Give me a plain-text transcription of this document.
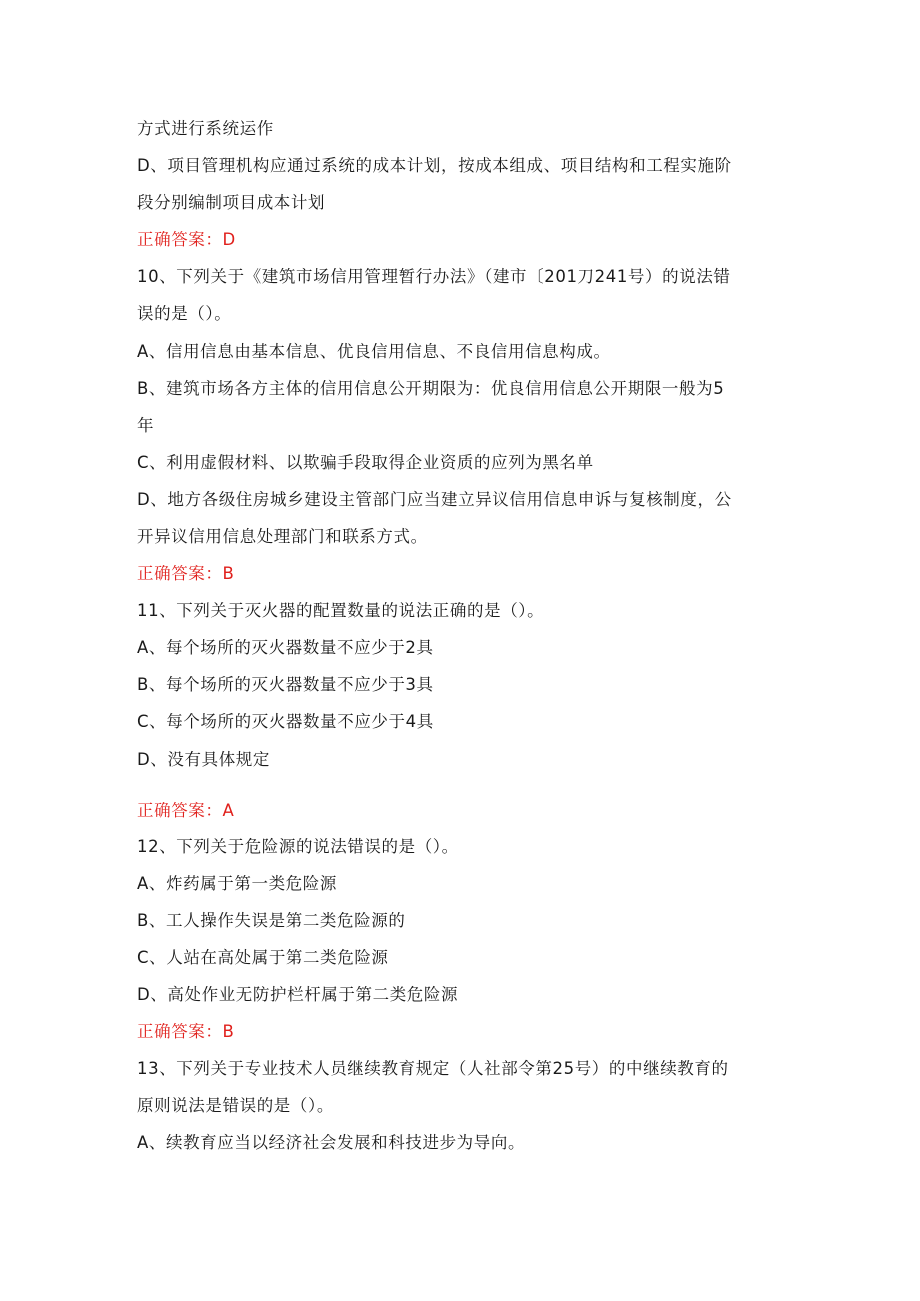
方式进行系统运作
D、项目管理机构应通过系统的成本计划，按成本组成、项目结构和工程实施阶
段分别编制项目成本计划
正确答案：D
10、下列关于《建筑市场信用管理暂行办法》（建市〔201刀241号）的说法错
误的是（）。
A、信用信息由基本信息、优良信用信息、不良信用信息构成。
B、建筑市场各方主体的信用信息公开期限为：优良信用信息公开期限一般为5
年
C、利用虚假材料、以欺骗手段取得企业资质的应列为黑名单
D、地方各级住房城乡建设主管部门应当建立异议信用信息申诉与复核制度，公
开异议信用信息处理部门和联系方式。
正确答案：B
11、下列关于灭火器的配置数量的说法正确的是（）。
A、每个场所的灭火器数量不应少于2具
B、每个场所的灭火器数量不应少于3具
C、每个场所的灭火器数量不应少于4具
D、没有具体规定
正确答案：A
12、下列关于危险源的说法错误的是（）。
A、炸药属于第一类危险源
B、工人操作失误是第二类危险源的
C、人站在高处属于第二类危险源
D、高处作业无防护栏杆属于第二类危险源
正确答案：B
13、下列关于专业技术人员继续教育规定（人社部令第25号）的中继续教育的
原则说法是错误的是（）。
A、续教育应当以经济社会发展和科技进步为导向。
